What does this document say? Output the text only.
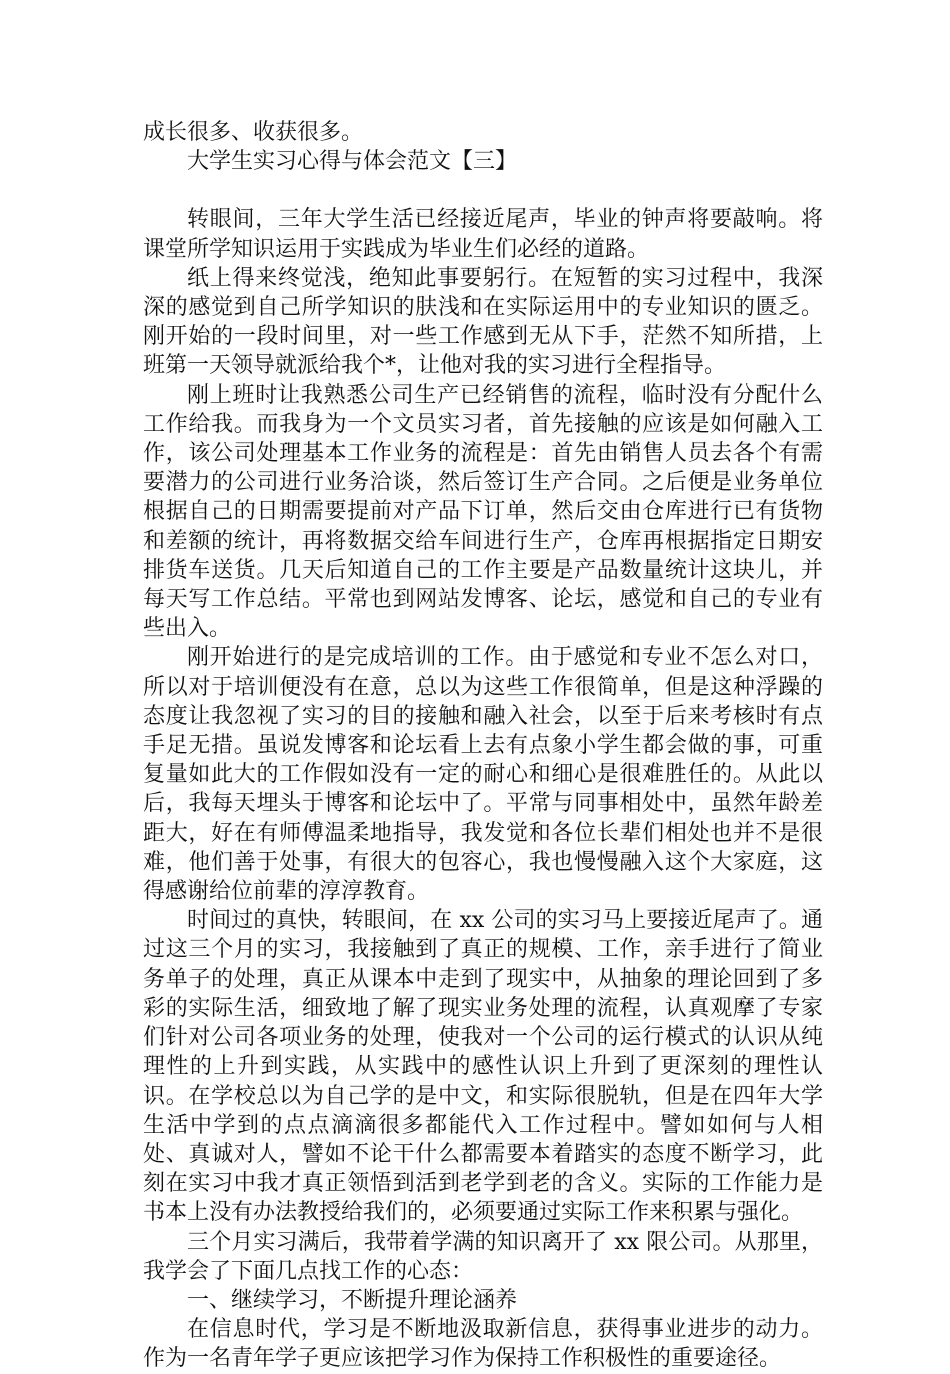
成长很多、收获很多。

大学生实习心得与体会范文【三】

转眼间，三年大学生活已经接近尾声，毕业的钟声将要敲响。将课堂所学知识运用于实践成为毕业生们必经的道路。

纸上得来终觉浅，绝知此事要躬行。在短暂的实习过程中，我深深的感觉到自己所学知识的肤浅和在实际运用中的专业知识的匮乏。刚开始的一段时间里，对一些工作感到无从下手，茫然不知所措，上班第一天领导就派给我个*，让他对我的实习进行全程指导。

刚上班时让我熟悉公司生产已经销售的流程，临时没有分配什么工作给我。而我身为一个文员实习者，首先接触的应该是如何融入工作，该公司处理基本工作业务的流程是：首先由销售人员去各个有需要潜力的公司进行业务洽谈，然后签订生产合同。之后便是业务单位根据自己的日期需要提前对产品下订单，然后交由仓库进行已有货物和差额的统计，再将数据交给车间进行生产，仓库再根据指定日期安排货车送货。几天后知道自己的工作主要是产品数量统计这块儿，并每天写工作总结。平常也到网站发博客、论坛，感觉和自己的专业有些出入。

刚开始进行的是完成培训的工作。由于感觉和专业不怎么对口，所以对于培训便没有在意，总以为这些工作很简单，但是这种浮躁的态度让我忽视了实习的目的接触和融入社会，以至于后来考核时有点手足无措。虽说发博客和论坛看上去有点象小学生都会做的事，可重复量如此大的工作假如没有一定的耐心和细心是很难胜任的。从此以后，我每天埋头于博客和论坛中了。平常与同事相处中，虽然年龄差距大，好在有师傅温柔地指导，我发觉和各位长辈们相处也并不是很难，他们善于处事，有很大的包容心，我也慢慢融入这个大家庭，这得感谢给位前辈的淳淳教育。

时间过的真快，转眼间，在 xx 公司的实习马上要接近尾声了。通过这三个月的实习，我接触到了真正的规模、工作，亲手进行了简业务单子的处理，真正从课本中走到了现实中，从抽象的理论回到了多彩的实际生活，细致地了解了现实业务处理的流程，认真观摩了专家们针对公司各项业务的处理，使我对一个公司的运行模式的认识从纯理性的上升到实践，从实践中的感性认识上升到了更深刻的理性认识。在学校总以为自己学的是中文，和实际很脱轨，但是在四年大学生活中学到的点点滴滴很多都能代入工作过程中。譬如如何与人相处、真诚对人，譬如不论干什么都需要本着踏实的态度不断学习，此刻在实习中我才真正领悟到活到老学到老的含义。实际的工作能力是书本上没有办法教授给我们的，必须要通过实际工作来积累与强化。

三个月实习满后，我带着学满的知识离开了 xx 限公司。从那里，我学会了下面几点找工作的心态：

一、继续学习，不断提升理论涵养

在信息时代，学习是不断地汲取新信息，获得事业进步的动力。作为一名青年学子更应该把学习作为保持工作积极性的重要途径。
